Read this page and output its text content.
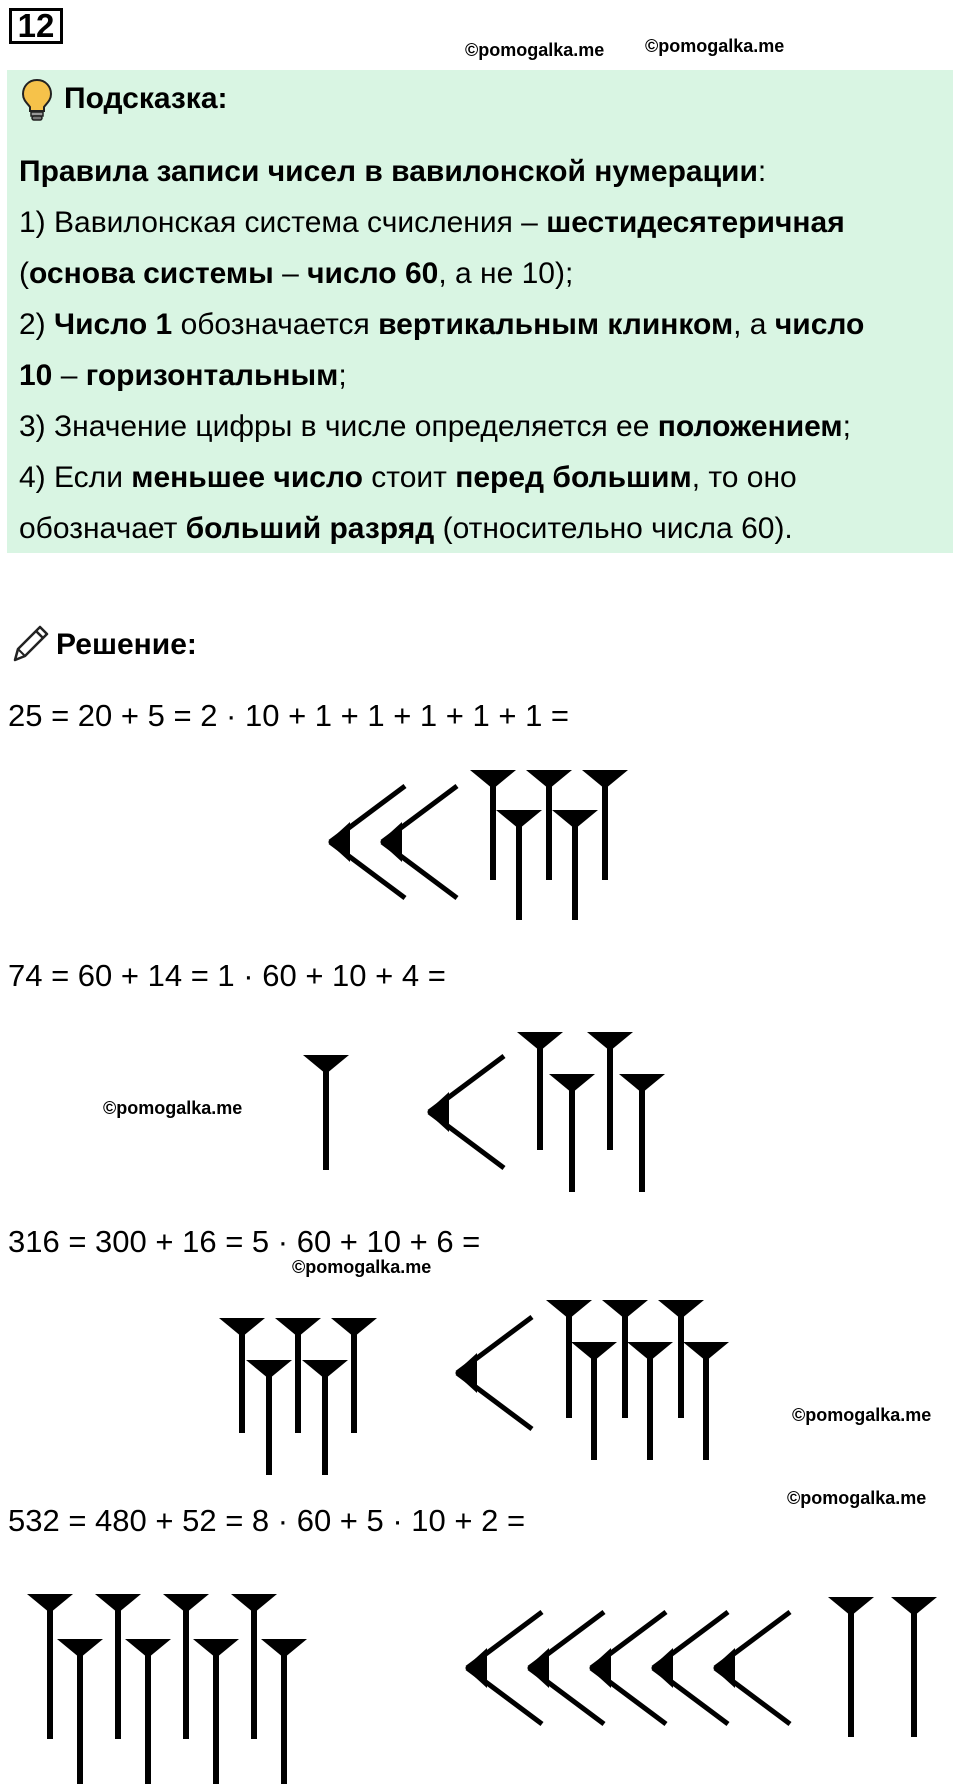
12
©pomogalka.me ©pomogalka.me
Подсказка:
Правила записи чисел в вавилонской нумерации:
1) Вавилонская система счисления – шестидесятеричная
(основа системы – число 60, а не 10);
2) Число 1 обозначается вертикальным клинком, а число
10 – горизонтальным;
3) Значение цифры в числе определяется ее положением;
4) Если меньшее число стоит перед большим, то оно
обозначает больший разряд (относительно числа 60).
Решение:
25 = 20 + 5 = 2 · 10 + 1 + 1 + 1 + 1 + 1 =
74 = 60 + 14 = 1 · 60 + 10 + 4 =
316 = 300 + 16 = 5 · 60 + 10 + 6 =
532 = 480 + 52 = 8 · 60 + 5 · 10 + 2 =
©pomogalka.me
©pomogalka.me
©pomogalka.me
©pomogalka.me
